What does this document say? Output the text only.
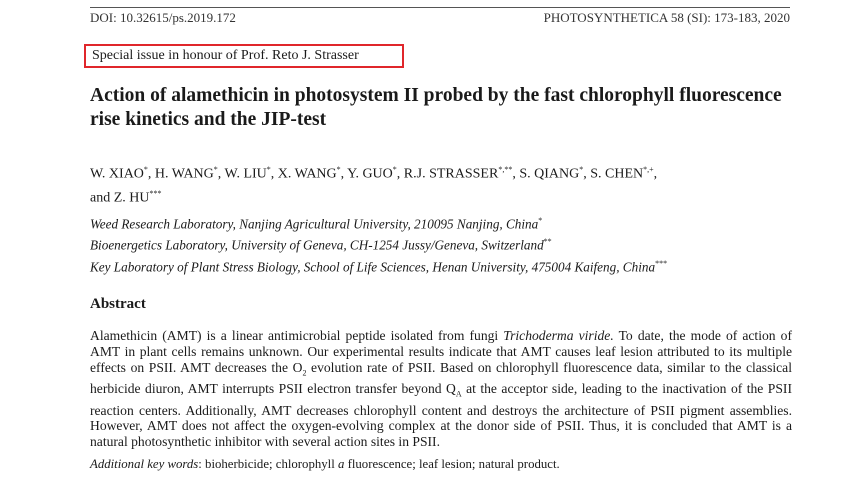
DOI: 10.32615/ps.2019.172	PHOTOSYNTHETICA 58 (SI): 173-183, 2020
Special issue in honour of Prof. Reto J. Strasser
Action of alamethicin in photosystem II probed by the fast chlorophyll fluorescence rise kinetics and the JIP-test
W. XIAO*, H. WANG*, W. LIU*, X. WANG*, Y. GUO*, R.J. STRASSER*,**, S. QIANG*, S. CHEN*,+,
and Z. HU***
Weed Research Laboratory, Nanjing Agricultural University, 210095 Nanjing, China*
Bioenergetics Laboratory, University of Geneva, CH-1254 Jussy/Geneva, Switzerland**
Key Laboratory of Plant Stress Biology, School of Life Sciences, Henan University, 475004 Kaifeng, China***
Abstract
Alamethicin (AMT) is a linear antimicrobial peptide isolated from fungi Trichoderma viride. To date, the mode of action of AMT in plant cells remains unknown. Our experimental results indicate that AMT causes leaf lesion attributed to its multiple effects on PSII. AMT decreases the $O_2$ evolution rate of PSII. Based on chlorophyll fluorescence data, similar to the classical herbicide diuron, AMT interrupts PSII electron transfer beyond $Q_A$ at the acceptor side, leading to the inactivation of the PSII reaction centers. Additionally, AMT decreases chlorophyll content and destroys the architecture of PSII pigment assemblies. However, AMT does not affect the oxygen-evolving complex at the donor side of PSII. Thus, it is concluded that AMT is a natural photosynthetic inhibitor with several action sites in PSII.
Additional key words: bioherbicide; chlorophyll a fluorescence; leaf lesion; natural product.
